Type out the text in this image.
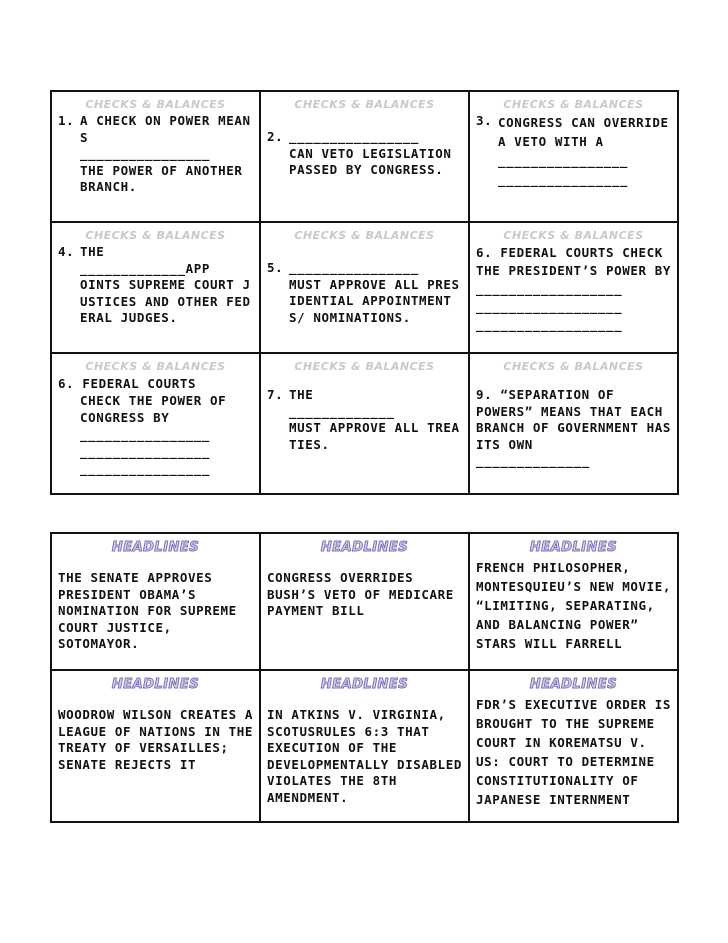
CHECKS & BALANCES
1. A CHECK ON POWER MEANS
________________
THE POWER OF ANOTHER BRANCH.
CHECKS & BALANCES
2. ________________
CAN VETO LEGISLATION PASSED BY CONGRESS.
CHECKS & BALANCES
3. CONGRESS CAN OVERRIDE A VETO WITH A
________________
________________
CHECKS & BALANCES
4. THE
_____________APP
OINTS SUPREME COURT JUSTICES AND OTHER FEDERAL JUDGES.
CHECKS & BALANCES
5. ________________
MUST APPROVE ALL PRESIDENTIAL APPOINTMENTS/ NOMINATIONS.
CHECKS & BALANCES
6. FEDERAL COURTS CHECK THE PRESIDENT’S POWER BY
__________________
__________________
__________________
CHECKS & BALANCES
6. FEDERAL COURTS
CHECK THE POWER OF
CONGRESS BY
________________
________________
________________
CHECKS & BALANCES
7. THE
_____________
MUST APPROVE ALL TREATIES.
CHECKS & BALANCES
9. “SEPARATION OF POWERS” MEANS THAT EACH BRANCH OF GOVERNMENT HAS ITS OWN
______________
HEADLINES
THE SENATE APPROVES PRESIDENT OBAMA’S NOMINATION FOR SUPREME COURT JUSTICE, SOTOMAYOR.
HEADLINES
CONGRESS OVERRIDES BUSH’S VETO OF MEDICARE PAYMENT BILL
HEADLINES
FRENCH PHILOSOPHER, MONTESQUIEU’S NEW MOVIE, “LIMITING, SEPARATING, AND BALANCING POWER” STARS WILL FARRELL
HEADLINES
WOODROW WILSON CREATES A LEAGUE OF NATIONS IN THE TREATY OF VERSAILLES; SENATE REJECTS IT
HEADLINES
IN ATKINS V. VIRGINIA, SCOTUSRULES 6:3 THAT EXECUTION OF THE DEVELOPMENTALLY DISABLED VIOLATES THE 8TH AMENDMENT.
HEADLINES
FDR’S EXECUTIVE ORDER IS BROUGHT TO THE SUPREME COURT IN KOREMATSU V. US: COURT TO DETERMINE CONSTITUTIONALITY OF JAPANESE INTERNMENT
